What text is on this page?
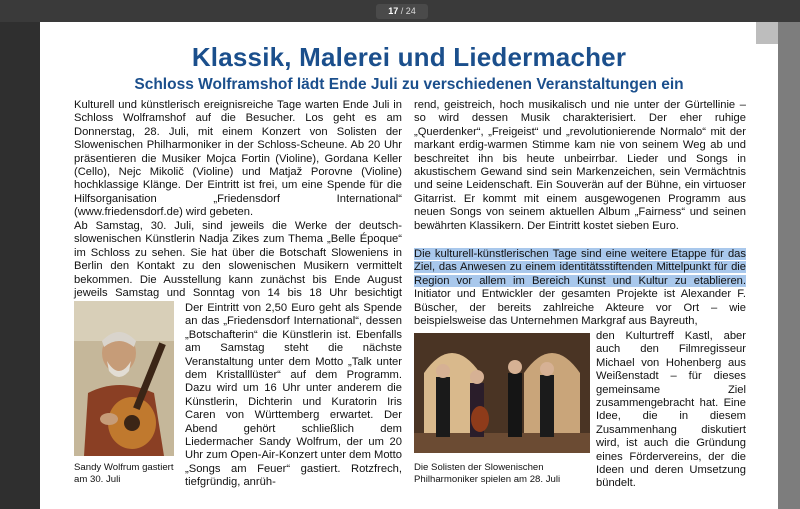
17 / 24
Klassik, Malerei und Liedermacher
Schloss Wolframshof lädt Ende Juli zu verschiedenen Veranstaltungen ein
Kulturell und künstlerisch ereignisreiche Tage warten Ende Juli in Schloss Wolframshof auf die Besucher. Los geht es am Donnerstag, 28. Juli, mit einem Konzert von Solisten der Slowenischen Philharmoniker in der Schloss-Scheune. Ab 20 Uhr präsentieren die Musiker Mojca Fortin (Violine), Gordana Keller (Cello), Nejc Mikolič (Violine) und Matjaž Porovne (Violine) hochklassige Klänge. Der Eintritt ist frei, um eine Spende für die Hilfsorganisation „Friedensdorf International“ (www.friedensdorf.de) wird gebeten.
Ab Samstag, 30. Juli, sind jeweils die Werke der deutsch-slowenischen Künstlerin Nadja Zikes zum Thema „Belle Époque“ im Schloss zu sehen. Sie hat über die Botschaft Sloweniens in Berlin den Kontakt zu den slowenischen Musikern vermittelt bekommen. Die Ausstellung kann zunächst bis Ende August jeweils Samstag und Sonntag von 14 bis 18 Uhr besichtigt
Sandy Wolfrum gastiert am 30. Juli
Der Eintritt von 2,50 Euro geht als Spende an das „Friedensdorf International“, dessen „Botschafterin“ die Künstlerin ist. Ebenfalls am Samstag steht die nächste Veranstaltung unter dem Motto „Talk unter dem Kristalllüster“ auf dem Programm. Dazu wird um 16 Uhr unter anderem die Künstlerin, Dichterin und Kuratorin Iris Caren von Württemberg erwartet. Der Abend gehört schließlich dem Liedermacher Sandy Wolfrum, der um 20 Uhr zum Open-Air-Konzert unter dem Motto „Songs am Feuer“ gastiert. Rotzfrech, tiefgründig, anrüh-
rend, geistreich, hoch musikalisch und nie unter der Gürtellinie – so wird dessen Musik charakterisiert. Der eher ruhige „Querdenker“, „Freigeist“ und „revolutionierende Normalo“ mit der markant erdig-warmen Stimme kam nie von seinem Weg ab und beschreitet ihn bis heute unbeirrbar. Lieder und Songs in akustischem Gewand sind sein Markenzeichen, sein Vermächtnis und seine Leidenschaft. Ein Souverän auf der Bühne, ein virtuoser Gitarrist. Er kommt mit einem ausgewogenen Programm aus neuen Songs von seinem aktuellen Album „Fairness“ und seinen bewährten Klassikern. Der Eintritt kostet sieben Euro.
Die kulturell-künstlerischen Tage sind eine weitere Etappe für das Ziel, das Anwesen zu einem identitätsstiftenden Mittelpunkt für die Region vor allem im Bereich Kunst und Kultur zu etablieren. Initiator und Entwickler der gesamten Projekte ist Alexander F. Büscher, der bereits zahlreiche Akteure vor Ort – wie beispielsweise das Unternehmen Markgraf aus Bayreuth,
Die Solisten der Slowenischen Philharmoniker spielen am 28. Juli
den Kulturtreff Kastl, aber auch den Filmregisseur Michael von Hohenberg aus Weißenstadt – für dieses gemeinsame Ziel zusammengebracht hat. Eine Idee, die in diesem Zusammenhang diskutiert wird, ist auch die Gründung eines Fördervereins, der die Ideen und deren Umsetzung bündelt.
